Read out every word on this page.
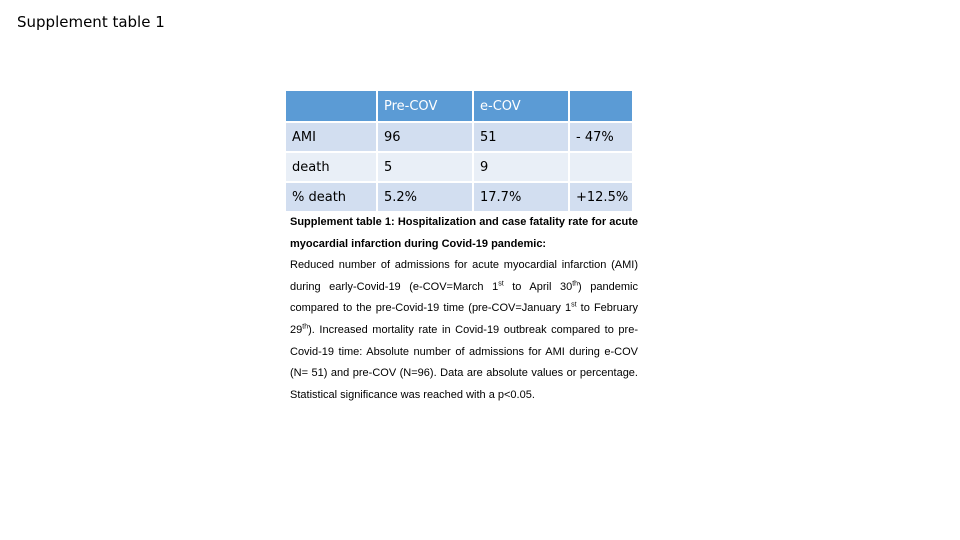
Supplement table 1
	Pre-COV	e-COV	
AMI	96	51	- 47%
death	5	9	
% death	5.2%	17.7%	+12.5%

Supplement table 1: Hospitalization and case fatality rate for acute myocardial infarction during Covid-19 pandemic:

Reduced number of admissions for acute myocardial infarction (AMI) during early-Covid-19 (e-COV=March 1st to April 30th) pandemic compared to the pre-Covid-19 time (pre-COV=January 1st to February 29th). Increased mortality rate in Covid-19 outbreak compared to pre-Covid-19 time: Absolute number of admissions for AMI during e-COV (N= 51) and pre-COV (N=96). Data are absolute values or percentage. Statistical significance was reached with a p<0.05.
